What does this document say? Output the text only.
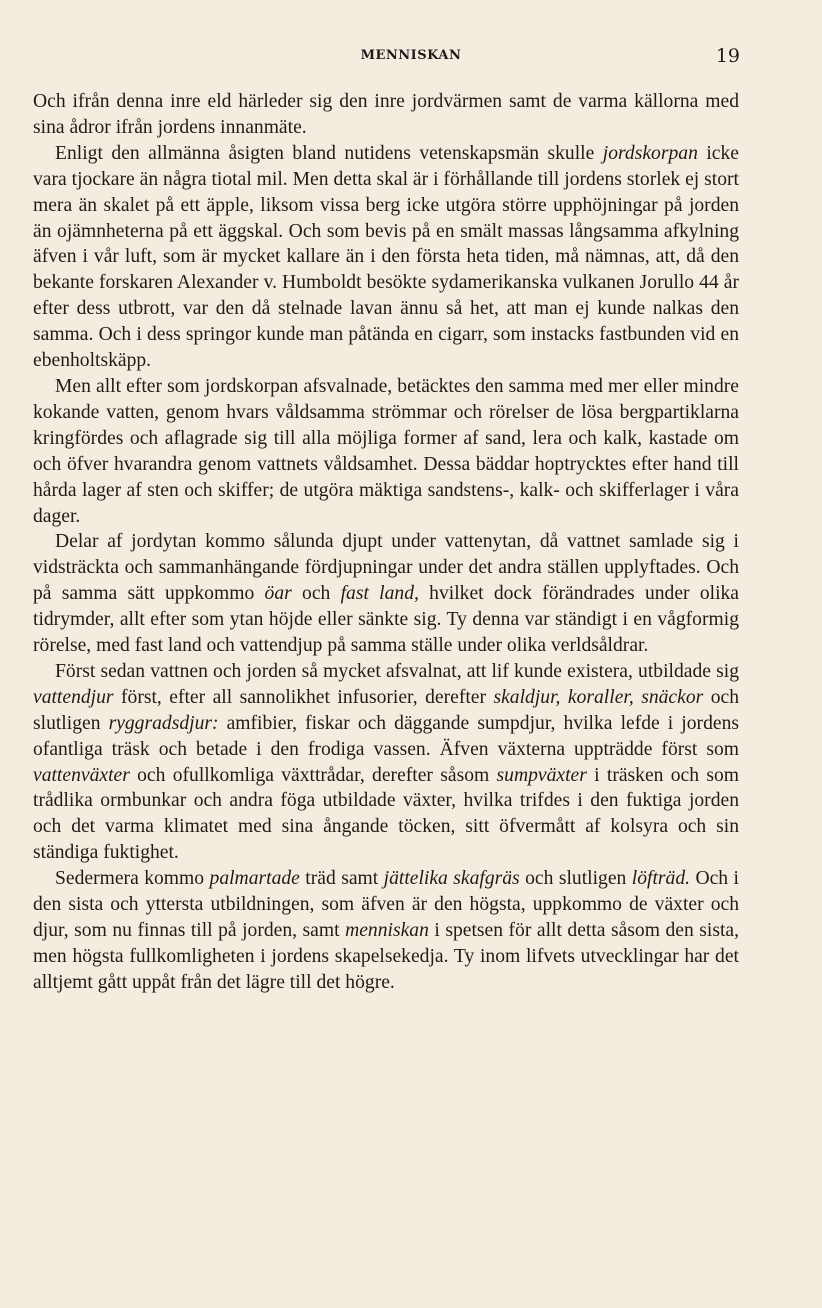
MENNISKAN	19

Och ifrån denna inre eld härleder sig den inre jordvärmen samt de varma källorna med sina ådror ifrån jordens innanmäte.

Enligt den allmänna åsigten bland nutidens vetenskapsmän skulle jordskorpan icke vara tjockare än några tiotal mil. Men detta skal är i förhållande till jordens storlek ej stort mera än skalet på ett äpple, liksom vissa berg icke utgöra större upphöjningar på jorden än ojämnheterna på ett äggskal. Och som bevis på en smält massas långsamma afkylning äfven i vår luft, som är mycket kallare än i den första heta tiden, må nämnas, att, då den bekante forskaren Alexander v. Humboldt besökte sydamerikanska vulkanen Jorullo 44 år efter dess utbrott, var den då stelnade lavan ännu så het, att man ej kunde nalkas den samma. Och i dess springor kunde man påtända en cigarr, som instacks fastbunden vid en ebenholtskäpp.

Men allt efter som jordskorpan afsvalnade, betäcktes den samma med mer eller mindre kokande vatten, genom hvars våldsamma strömmar och rörelser de lösa bergpartiklarna kringfördes och aflagrade sig till alla möjliga former af sand, lera och kalk, kastade om och öfver hvarandra genom vattnets våldsamhet. Dessa bäddar hoptrycktes efter hand till hårda lager af sten och skiffer; de utgöra mäktiga sandstens-, kalk- och skifferlager i våra dager.

Delar af jordytan kommo sålunda djupt under vattenytan, då vattnet samlade sig i vidsträckta och sammanhängande fördjupningar under det andra ställen upplyftades. Och på samma sätt uppkommo öar och fast land, hvilket dock förändrades under olika tidrymder, allt efter som ytan höjde eller sänkte sig. Ty denna var ständigt i en vågformig rörelse, med fast land och vattendjup på samma ställe under olika verldsåldrar.

Först sedan vattnen och jorden så mycket afsvalnat, att lif kunde existera, utbildade sig vattendjur först, efter all sannolikhet infusorier, derefter skaldjur, koraller, snäckor och slutligen ryggradsdjur: amfibier, fiskar och däggande sumpdjur, hvilka lefde i jordens ofantliga träsk och betade i den frodiga vassen. Äfven växterna uppträdde först som vattenväxter och ofullkomliga växttrådar, derefter såsom sumpväxter i träsken och som trådlika ormbunkar och andra föga utbildade växter, hvilka trifdes i den fuktiga jorden och det varma klimatet med sina ångande töcken, sitt öfvermått af kolsyra och sin ständiga fuktighet.

Sedermera kommo palmartade träd samt jättelika skafgräs och slutligen löfträd. Och i den sista och yttersta utbildningen, som äfven är den högsta, uppkommo de växter och djur, som nu finnas till på jorden, samt menniskan i spetsen för allt detta såsom den sista, men högsta fullkomligheten i jordens skapelsekedja. Ty inom lifvets utvecklingar har det alltjemt gått uppåt från det lägre till det högre.
